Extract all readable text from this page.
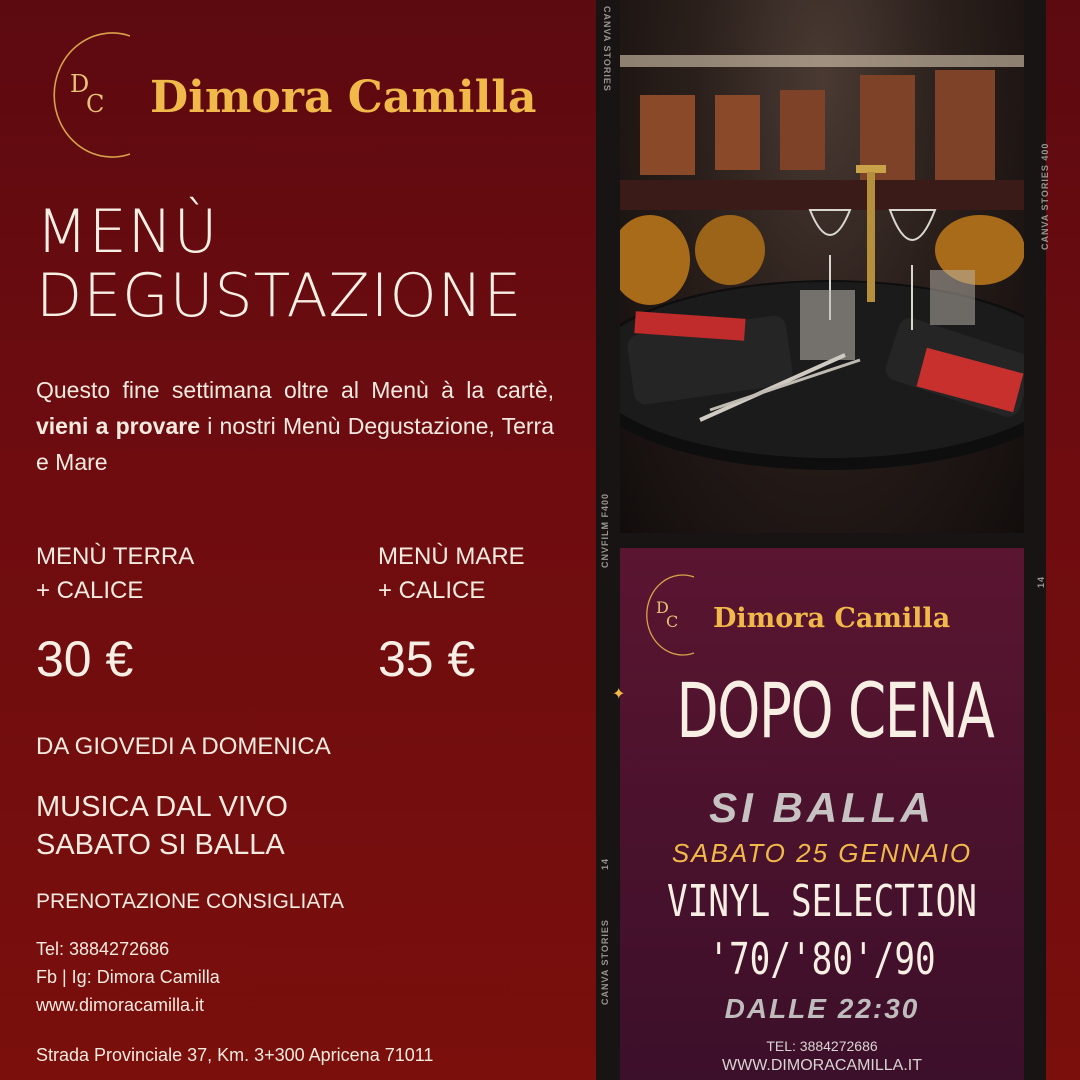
D
C Dimora Camilla
MENÙ
DEGUSTAZIONE
Questo fine settimana oltre al Menù à la cartè, vieni a provare i nostri Menù Degustazione, Terra e Mare
MENÙ TERRA
+ CALICE
30 €
MENÙ MARE
+ CALICE
35 €
DA GIOVEDI A DOMENICA
MUSICA DAL VIVO
SABATO SI BALLA
PRENOTAZIONE CONSIGLIATA
Tel: 3884272686
Fb | Ig: Dimora Camilla
www.dimoracamilla.it
Strada Provinciale 37, Km. 3+300 Apricena 71011
CANVA STORIES
CANVA STORIES 400
CNVFILM F400
14
14
CANVA STORIES
D
C Dimora Camilla
DOPO CENA
SI BALLA
SABATO 25 GENNAIO
VINYL SELECTION
'70/'80'/90
DALLE 22:30
TEL: 3884272686
WWW.DIMORACAMILLA.IT
✦
